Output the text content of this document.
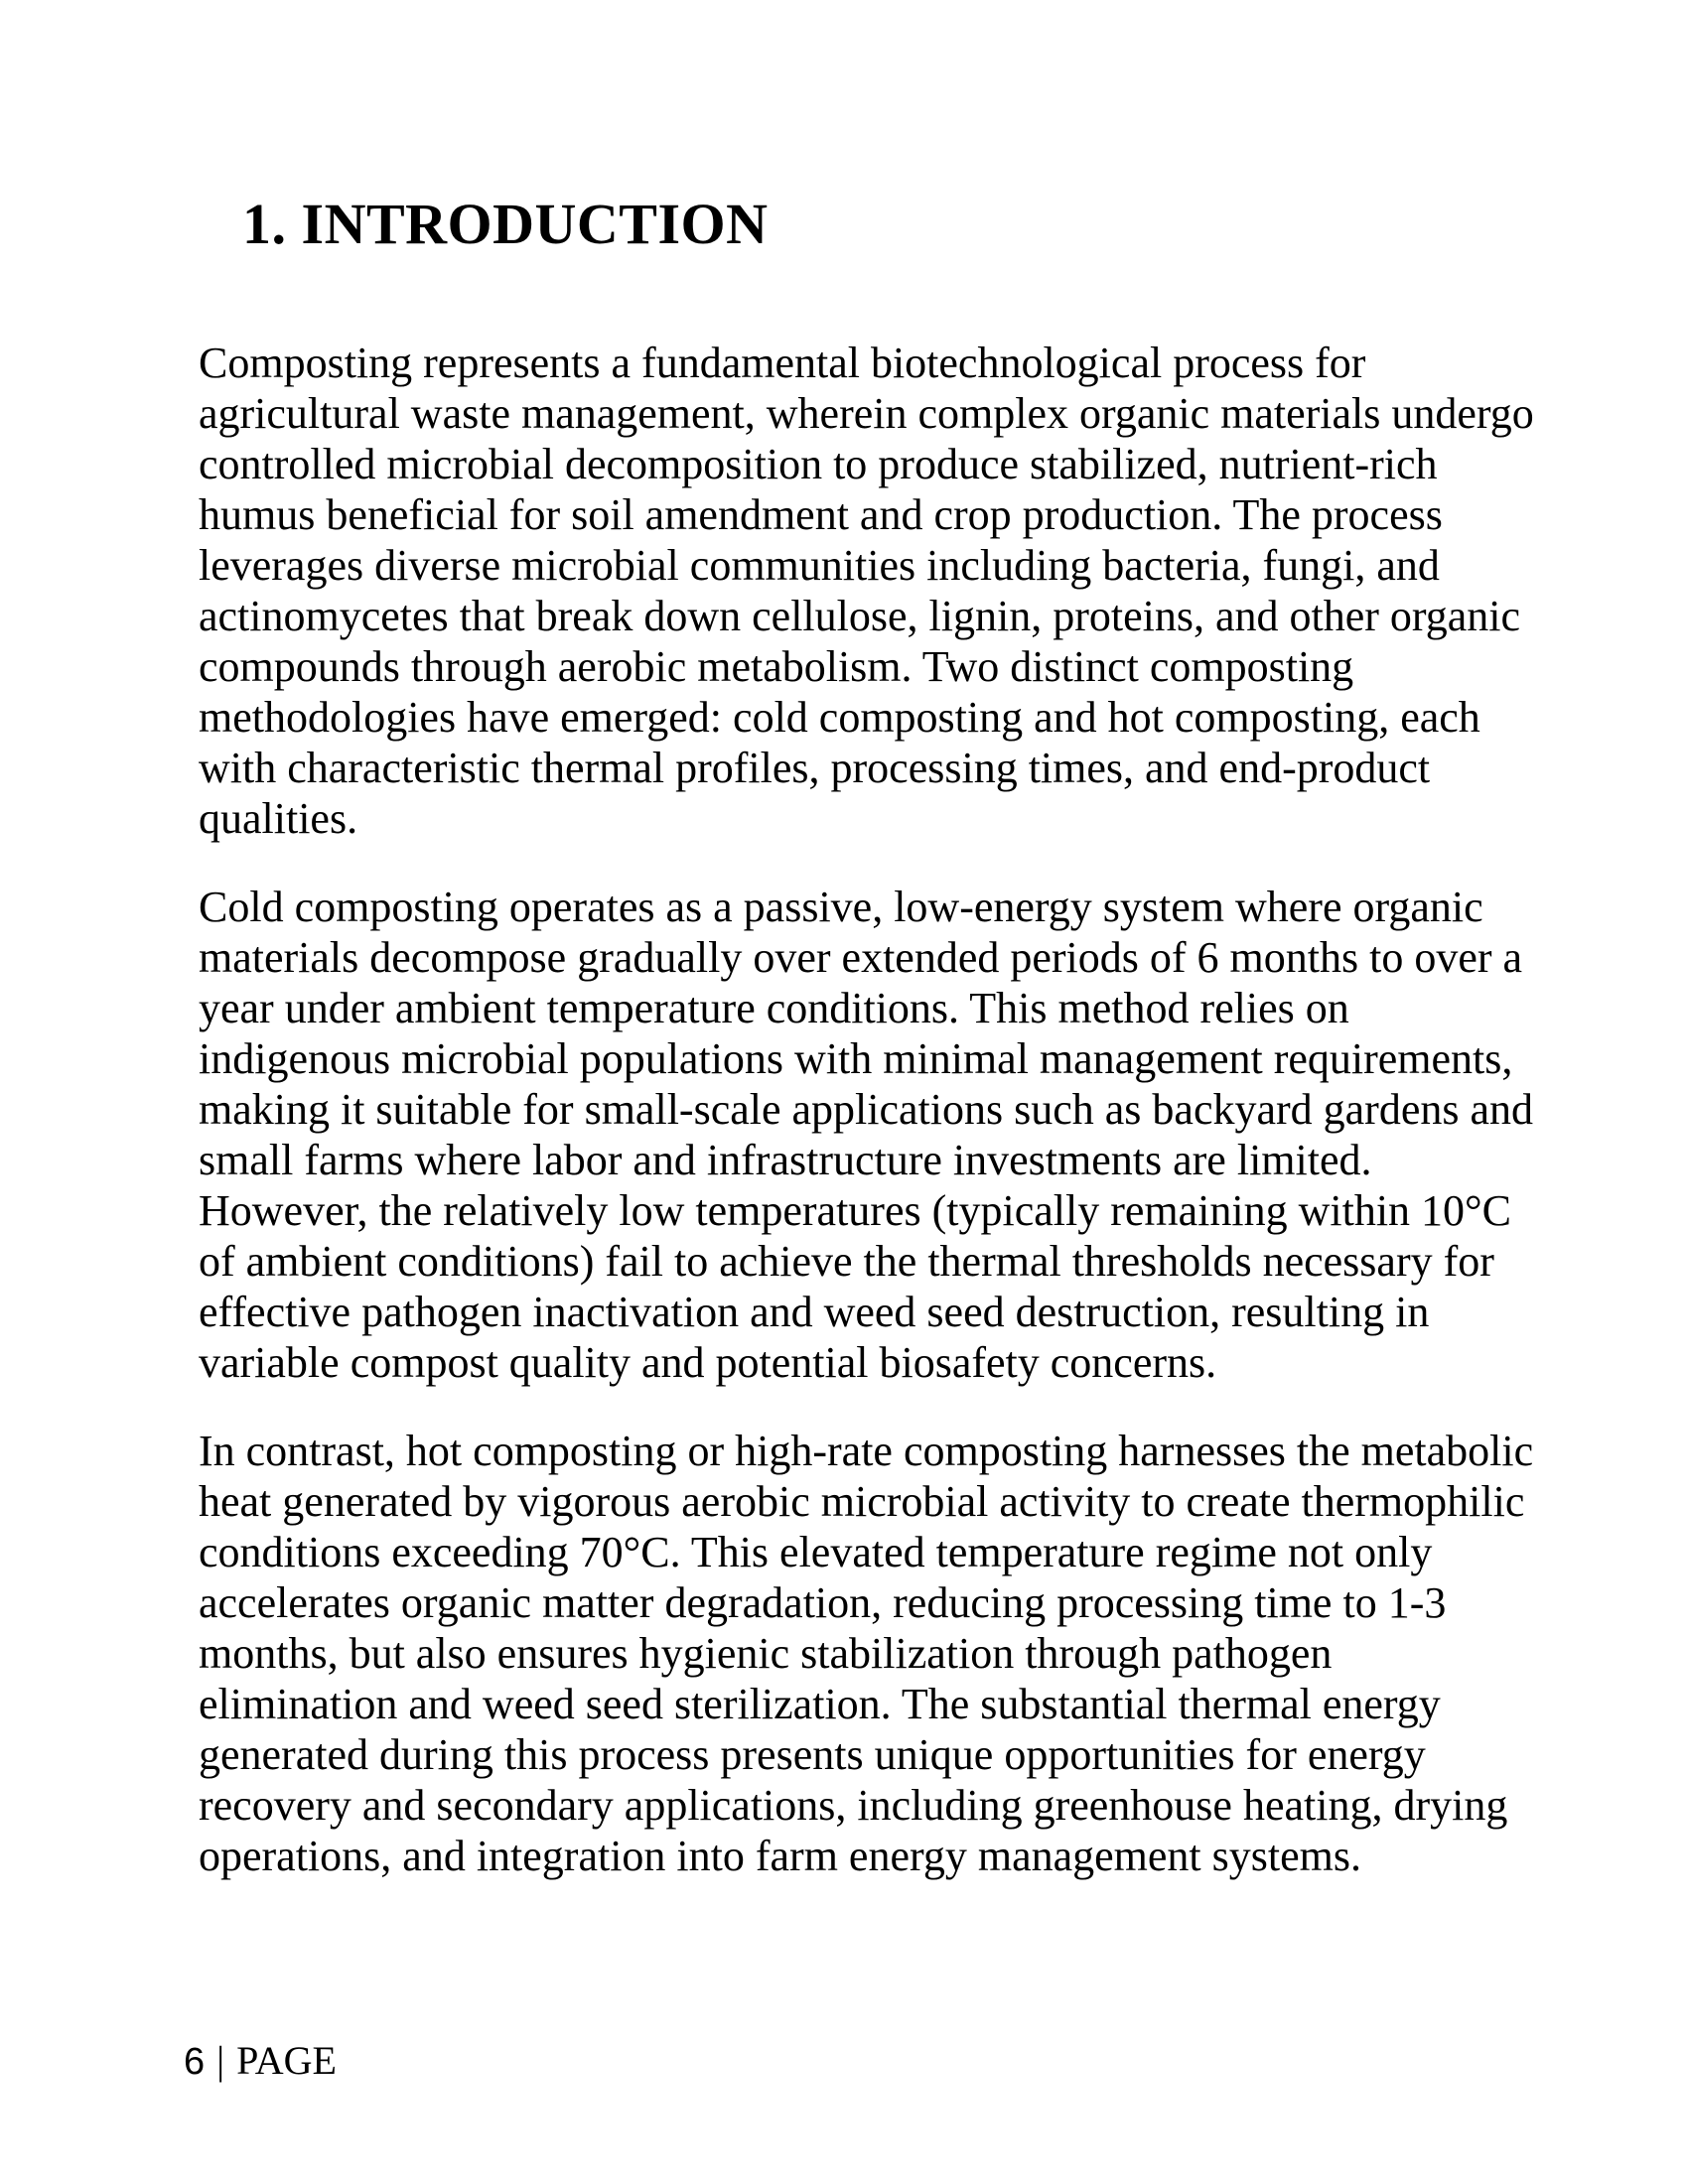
1. INTRODUCTION

Composting represents a fundamental biotechnological process for agricultural waste management, wherein complex organic materials undergo controlled microbial decomposition to produce stabilized, nutrient-rich humus beneficial for soil amendment and crop production. The process leverages diverse microbial communities including bacteria, fungi, and actinomycetes that break down cellulose, lignin, proteins, and other organic compounds through aerobic metabolism. Two distinct composting methodologies have emerged: cold composting and hot composting, each with characteristic thermal profiles, processing times, and end-product qualities.

Cold composting operates as a passive, low-energy system where organic materials decompose gradually over extended periods of 6 months to over a year under ambient temperature conditions. This method relies on indigenous microbial populations with minimal management requirements, making it suitable for small-scale applications such as backyard gardens and small farms where labor and infrastructure investments are limited. However, the relatively low temperatures (typically remaining within 10°C of ambient conditions) fail to achieve the thermal thresholds necessary for effective pathogen inactivation and weed seed destruction, resulting in variable compost quality and potential biosafety concerns.

In contrast, hot composting or high-rate composting harnesses the metabolic heat generated by vigorous aerobic microbial activity to create thermophilic conditions exceeding 70°C. This elevated temperature regime not only accelerates organic matter degradation, reducing processing time to 1-3 months, but also ensures hygienic stabilization through pathogen elimination and weed seed sterilization. The substantial thermal energy generated during this process presents unique opportunities for energy recovery and secondary applications, including greenhouse heating, drying operations, and integration into farm energy management systems.

6 | PAGE
